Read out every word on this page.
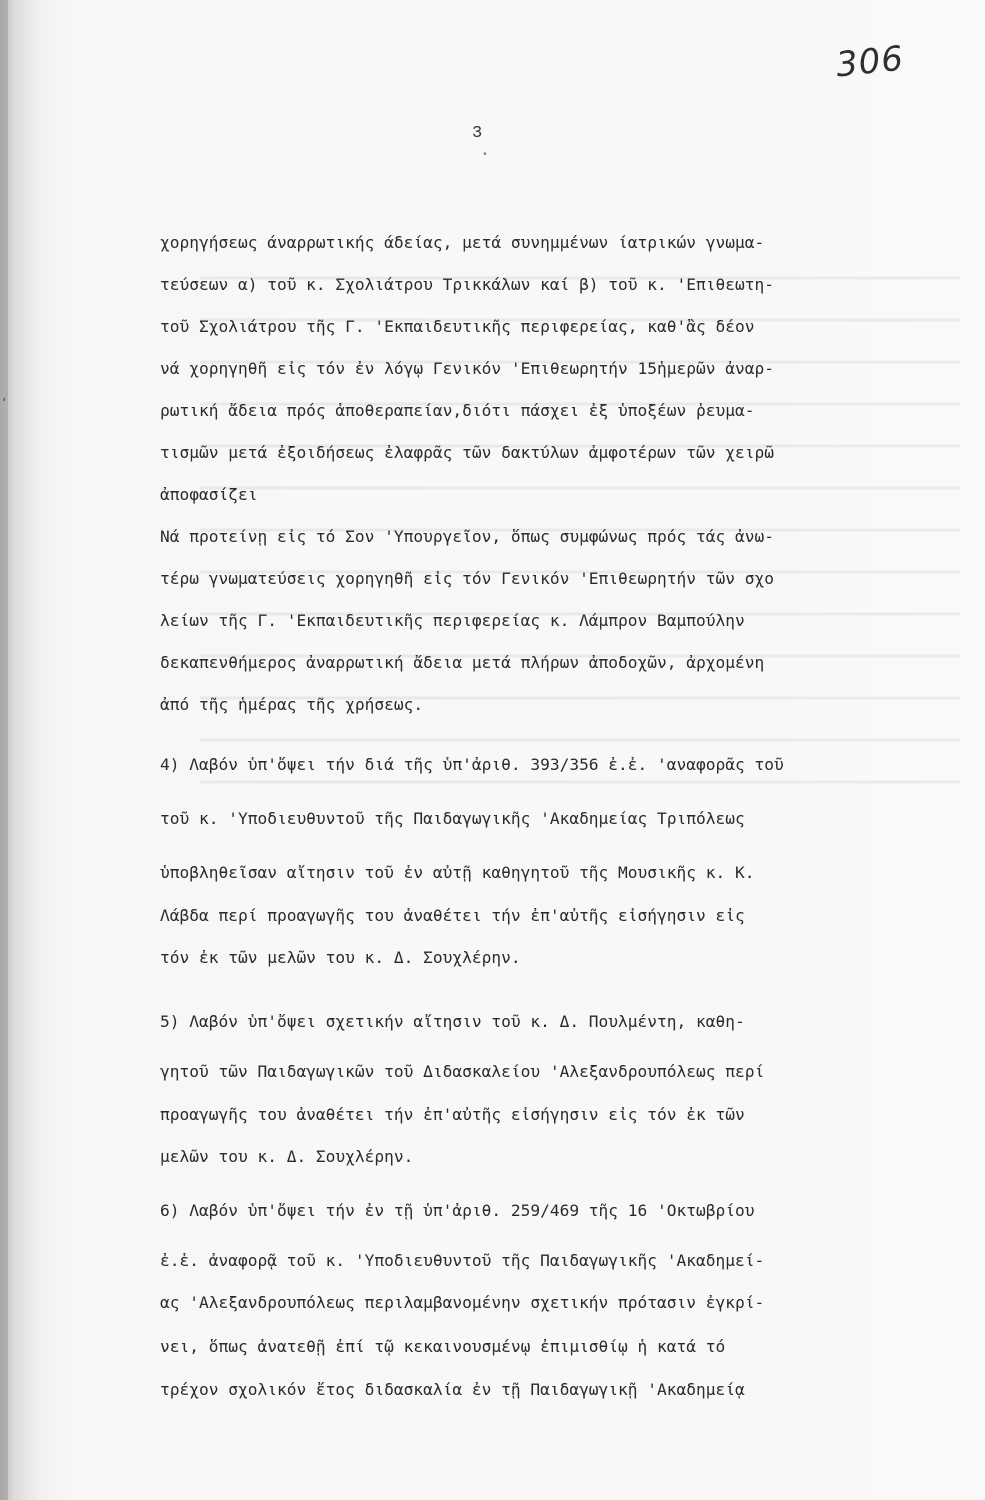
306
3
‘
•

χορηγήσεως άναρρωτικής άδείας, μετά συνημμένων ίατρικών γνωμα-

τεύσεων α) τοῦ κ. Σχολιάτρου Τρικκάλων καί β) τοῦ κ. 'Επιθεωτη-

τοῦ Σχολιάτρου τῆς Γ. 'Εκπαιδευτικῆς περιφερείας, καθ'ἂς δέον

νά χορηγηθῆ εἰς τόν ἐν λόγῳ Γενικόν 'Επιθεωρητήν 15ἡμερῶν ἀναρ-

ρωτική ἄδεια πρός ἀποθεραπείαν,διότι πάσχει ἐξ ὑποξέων ῥευμα-

τισμῶν μετά ἐξοιδήσεως ἐλαφρᾶς τῶν δακτύλων ἀμφοτέρων τῶν χειρῶ

ἀποφασίζει

Νά προτείνῃ εἰς τό Σον 'Υπουργεῖον, ὅπως συμφώνως πρός τάς ἀνω-

τέρω γνωματεύσεις χορηγηθῆ εἰς τόν Γενικόν 'Επιθεωρητήν τῶν σχο

λείων τῆς Γ. 'Εκπαιδευτικῆς περιφερείας κ. Λάμπρον Βαμπούλην

δεκαπενθήμερος ἀναρρωτική ἄδεια μετά πλήρων ἀποδοχῶν, ἀρχομένη

ἀπό τῆς ἡμέρας τῆς χρήσεως.

4) Λαβόν ὑπ'ὄψει τήν διά τῆς ὑπ'ἀριθ. 393/356 ἐ.ἐ. 'αναφορᾶς τοῦ

τοῦ κ. 'Υποδιευθυντοῦ τῆς Παιδαγωγικῆς 'Ακαδημείας Τριπόλεως

ὑποβληθεῖσαν αἴτησιν τοῦ ἐν αὐτῇ καθηγητοῦ τῆς Μουσικῆς κ. Κ.

Λάβδα περί προαγωγῆς του ἀναθέτει τήν ἐπ'αὐτῆς εἰσήγησιν εἰς

τόν ἐκ τῶν μελῶν του κ. Δ. Σουχλέρην.

5) Λαβόν ὑπ'ὄψει σχετικήν αἴτησιν τοῦ κ. Δ. Πουλμέντη, καθη-

γητοῦ τῶν Παιδαγωγικῶν τοῦ Διδασκαλείου 'Αλεξανδρουπόλεως περί

προαγωγῆς του ἀναθέτει τήν ἐπ'αὐτῆς εἰσήγησιν εἰς τόν ἐκ τῶν

μελῶν του κ. Δ. Σουχλέρην.

6) Λαβόν ὑπ'ὄψει τήν ἐν τῇ ὑπ'ἀριθ. 259/469 τῆς 16 'Οκτωβρίου

ἐ.ἐ. ἀναφορᾷ τοῦ κ. 'Υποδιευθυντοῦ τῆς Παιδαγωγικῆς 'Ακαδημεί-

ας 'Αλεξανδρουπόλεως περιλαμβανομένην σχετικήν πρότασιν ἐγκρί-

νει, ὅπως ἀνατεθῇ ἐπί τῷ κεκαινουσμένῳ ἐπιμισθίῳ ἡ κατά τό

τρέχον σχολικόν ἔτος διδασκαλία ἐν τῇ Παιδαγωγικῇ 'Ακαδημείᾳ
